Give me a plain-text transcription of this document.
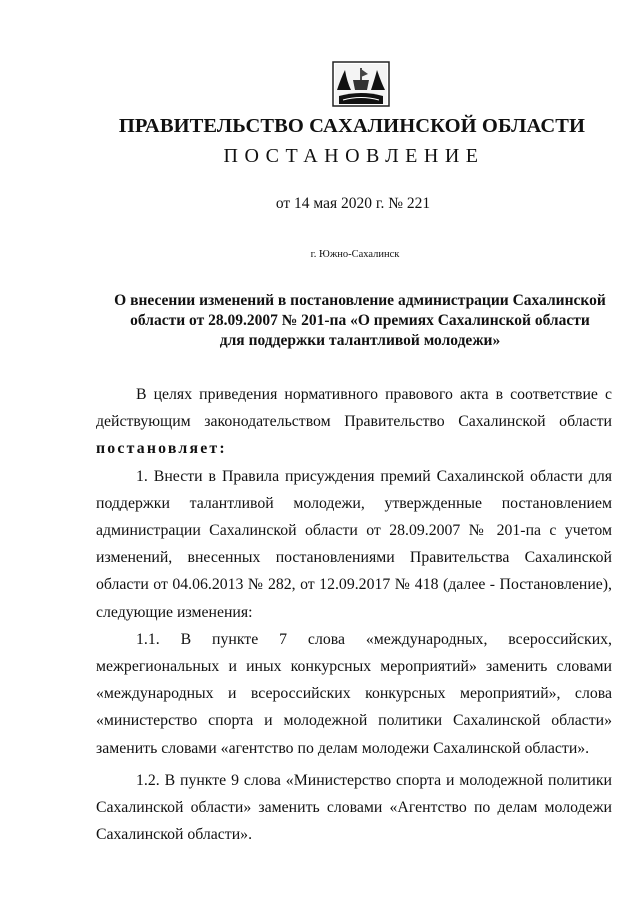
ПРАВИТЕЛЬСТВО САХАЛИНСКОЙ ОБЛАСТИ
ПОСТАНОВЛЕНИЕ
от 14 мая 2020 г. № 221
г. Южно-Сахалинск
О внесении изменений в постановление администрации Сахалинской
области от 28.09.2007 № 201-па «О премиях Сахалинской области
для поддержки талантливой молодежи»
В целях приведения нормативного правового акта в соответствие с
действующим законодательством Правительство Сахалинской области
постановляет:
1. Внести в Правила присуждения премий Сахалинской области для
поддержки талантливой молодежи, утвержденные постановлением
администрации Сахалинской области от 28.09.2007 № 201-па с учетом
изменений, внесенных постановлениями Правительства Сахалинской
области от 04.06.2013 № 282, от 12.09.2017 № 418 (далее - Постановление),
следующие изменения:
1.1. В пункте 7 слова «международных, всероссийских,
межрегиональных и иных конкурсных мероприятий» заменить словами
«международных и всероссийских конкурсных мероприятий», слова
«министерство спорта и молодежной политики Сахалинской области»
заменить словами «агентство по делам молодежи Сахалинской области».
1.2. В пункте 9 слова «Министерство спорта и молодежной политики
Сахалинской области» заменить словами «Агентство по делам молодежи
Сахалинской области».
